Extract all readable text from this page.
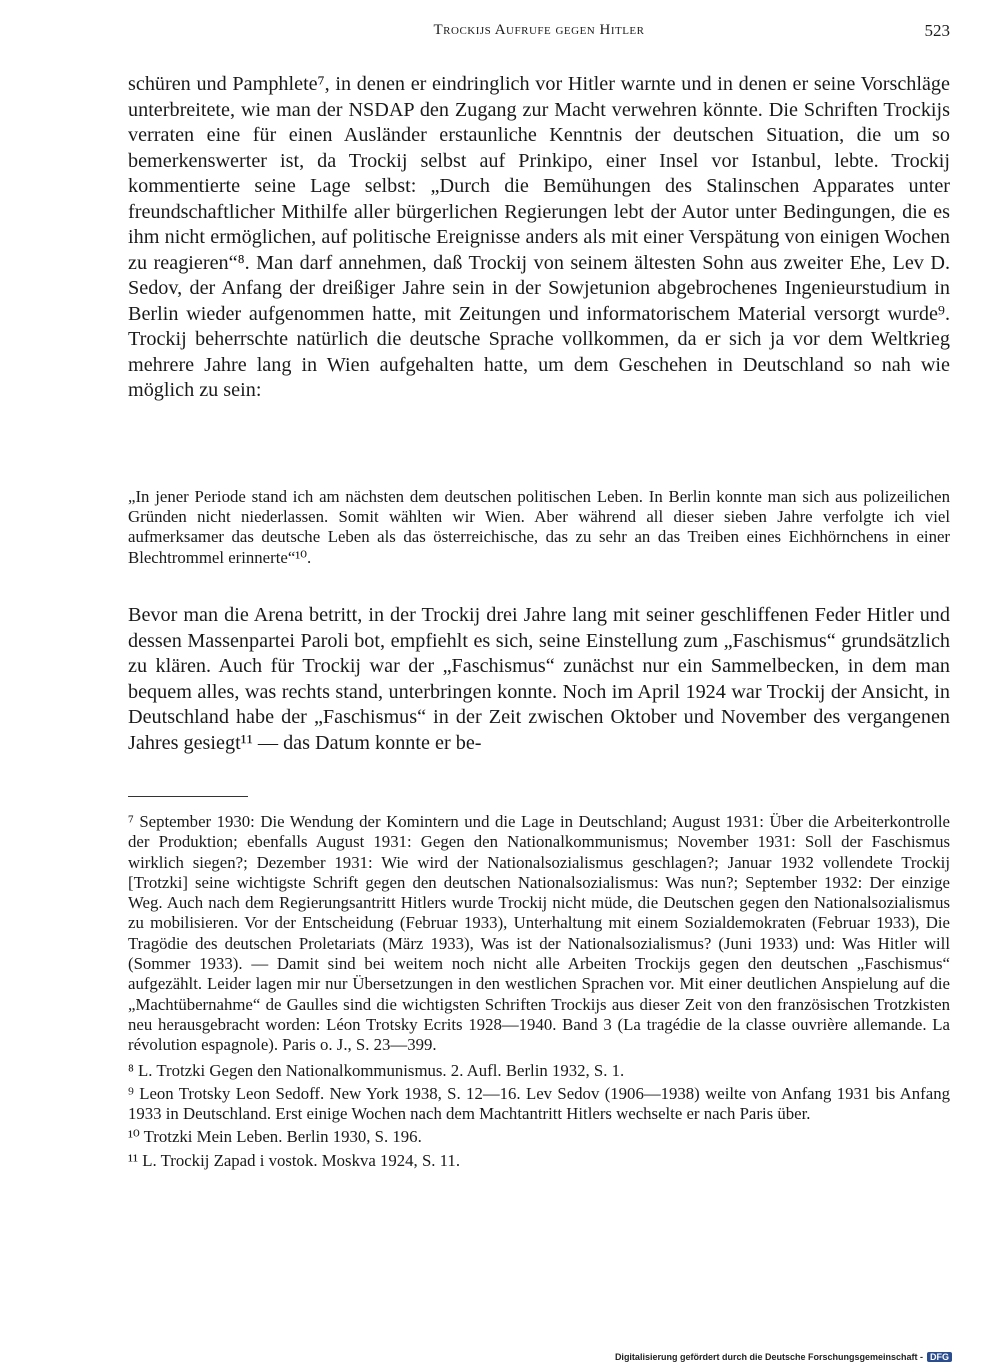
Trockijs Aufrufe gegen Hitler	523

schüren und Pamphlete⁷, in denen er eindringlich vor Hitler warnte und in denen er seine Vorschläge unterbreitete, wie man der NSDAP den Zugang zur Macht verwehren könnte. Die Schriften Trockijs verraten eine für einen Ausländer erstaunliche Kenntnis der deutschen Situation, die um so bemerkenswerter ist, da Trockij selbst auf Prinkipo, einer Insel vor Istanbul, lebte. Trockij kommentierte seine Lage selbst: „Durch die Bemühungen des Stalinschen Apparates unter freundschaftlicher Mithilfe aller bürgerlichen Regierungen lebt der Autor unter Bedingungen, die es ihm nicht ermöglichen, auf politische Ereignisse anders als mit einer Verspätung von einigen Wochen zu reagieren“⁸. Man darf annehmen, daß Trockij von seinem ältesten Sohn aus zweiter Ehe, Lev D. Sedov, der Anfang der dreißiger Jahre sein in der Sowjetunion abgebrochenes Ingenieurstudium in Berlin wieder aufgenommen hatte, mit Zeitungen und informatorischem Material versorgt wurde⁹. Trockij beherrschte natürlich die deutsche Sprache vollkommen, da er sich ja vor dem Weltkrieg mehrere Jahre lang in Wien aufgehalten hatte, um dem Geschehen in Deutschland so nah wie möglich zu sein:

„In jener Periode stand ich am nächsten dem deutschen politischen Leben. In Berlin konnte man sich aus polizeilichen Gründen nicht niederlassen. Somit wählten wir Wien. Aber während all dieser sieben Jahre verfolgte ich viel aufmerksamer das deutsche Leben als das österreichische, das zu sehr an das Treiben eines Eichhörnchens in einer Blechtrommel erinnerte“¹⁰.

Bevor man die Arena betritt, in der Trockij drei Jahre lang mit seiner geschliffenen Feder Hitler und dessen Massenpartei Paroli bot, empfiehlt es sich, seine Einstellung zum „Faschismus“ grundsätzlich zu klären. Auch für Trockij war der „Faschismus“ zunächst nur ein Sammelbecken, in dem man bequem alles, was rechts stand, unterbringen konnte. Noch im April 1924 war Trockij der Ansicht, in Deutschland habe der „Faschismus“ in der Zeit zwischen Oktober und November des vergangenen Jahres gesiegt¹¹ — das Datum konnte er be-

⁷ September 1930: Die Wendung der Komintern und die Lage in Deutschland; August 1931: Über die Arbeiterkontrolle der Produktion; ebenfalls August 1931: Gegen den Nationalkommunismus; November 1931: Soll der Faschismus wirklich siegen?; Dezember 1931: Wie wird der Nationalsozialismus geschlagen?; Januar 1932 vollendete Trockij [Trotzki] seine wichtigste Schrift gegen den deutschen Nationalsozialismus: Was nun?; September 1932: Der einzige Weg. Auch nach dem Regierungsantritt Hitlers wurde Trockij nicht müde, die Deutschen gegen den Nationalsozialismus zu mobilisieren. Vor der Entscheidung (Februar 1933), Unterhaltung mit einem Sozialdemokraten (Februar 1933), Die Tragödie des deutschen Proletariats (März 1933), Was ist der Nationalsozialismus? (Juni 1933) und: Was Hitler will (Sommer 1933). — Damit sind bei weitem noch nicht alle Arbeiten Trockijs gegen den deutschen „Faschismus“ aufgezählt. Leider lagen mir nur Übersetzungen in den westlichen Sprachen vor. Mit einer deutlichen Anspielung auf die „Machtübernahme“ de Gaulles sind die wichtigsten Schriften Trockijs aus dieser Zeit von den französischen Trotzkisten neu herausgebracht worden: Léon Trotsky Ecrits 1928—1940. Band 3 (La tragédie de la classe ouvrière allemande. La révolution espagnole). Paris o. J., S. 23—399.

⁸ L. Trotzki Gegen den Nationalkommunismus. 2. Aufl. Berlin 1932, S. 1.

⁹ Leon Trotsky Leon Sedoff. New York 1938, S. 12—16. Lev Sedov (1906—1938) weilte von Anfang 1931 bis Anfang 1933 in Deutschland. Erst einige Wochen nach dem Machtantritt Hitlers wechselte er nach Paris über.

¹⁰ Trotzki Mein Leben. Berlin 1930, S. 196.

¹¹ L. Trockij Zapad i vostok. Moskva 1924, S. 11.

Digitalisierung gefördert durch die Deutsche Forschungsgemeinschaft - DFG
